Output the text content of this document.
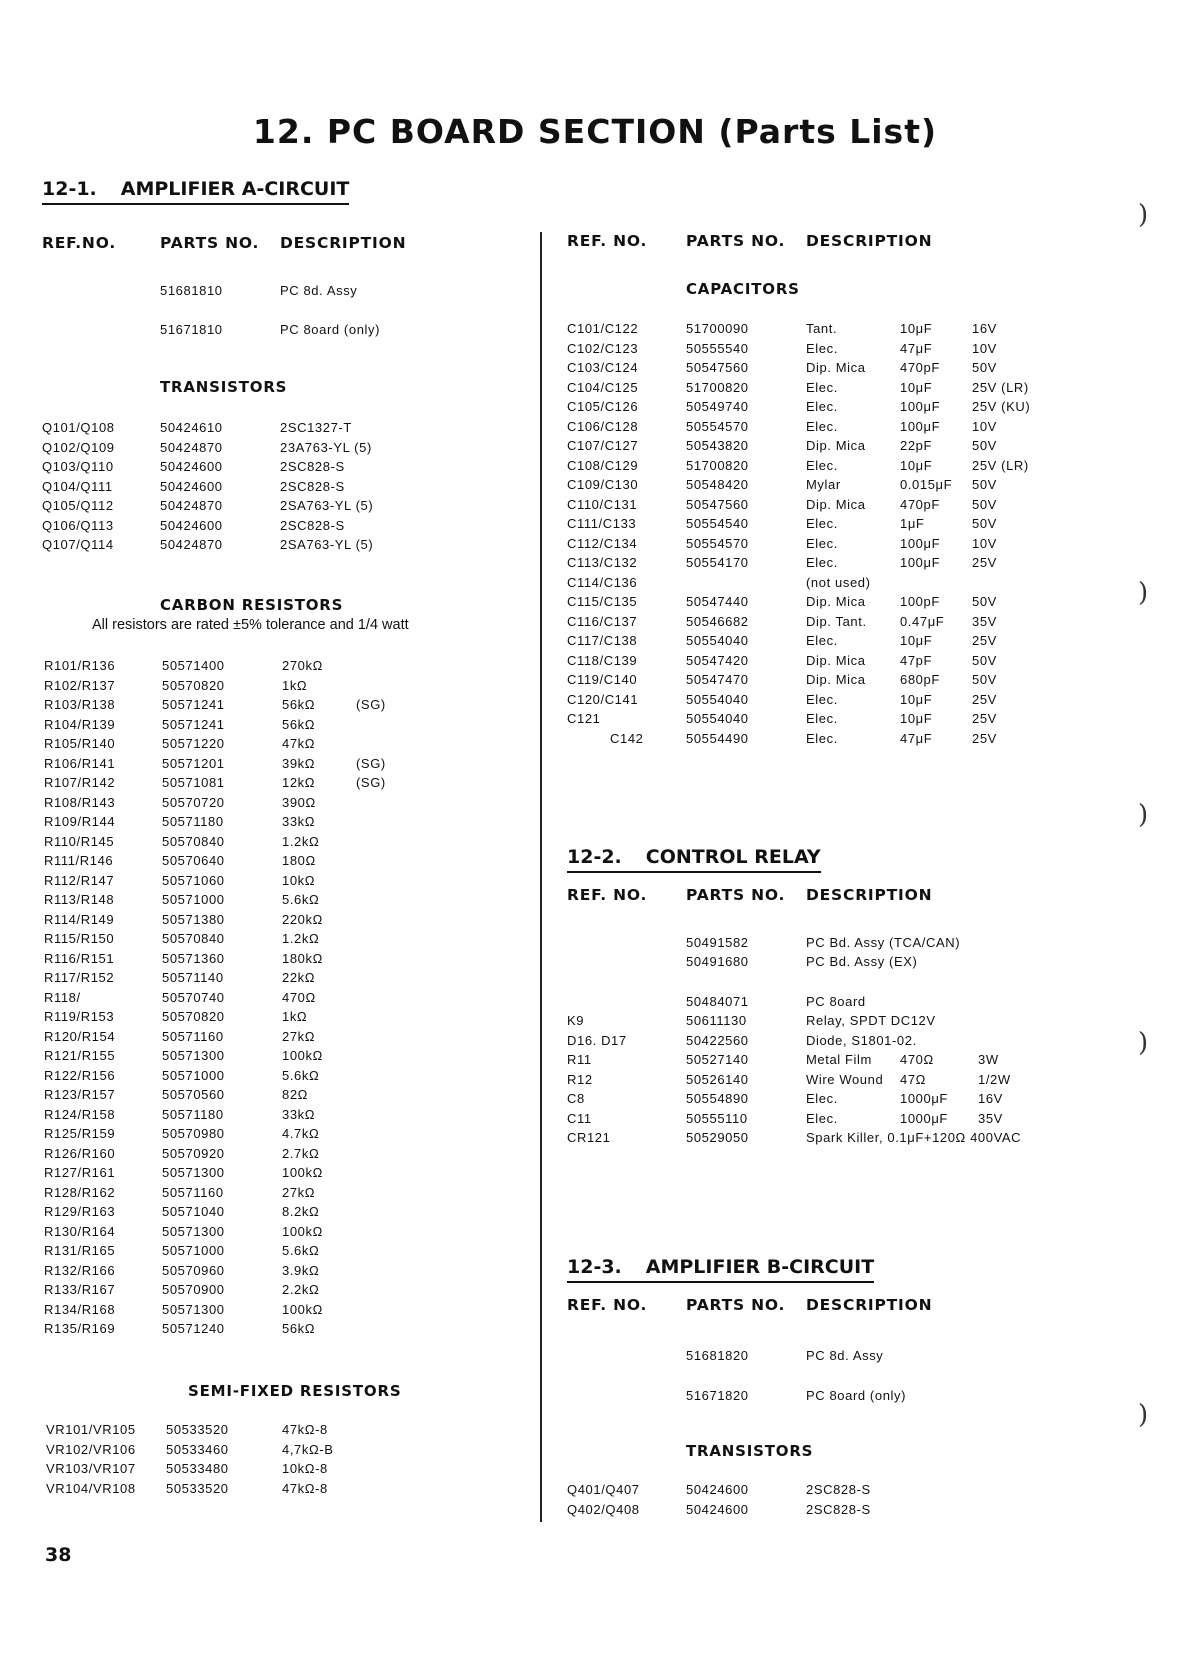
12. PC BOARD SECTION (Parts List)
12-1. AMPLIFIER A-CIRCUIT
REF.NO.	PARTS NO. DESCRIPTION
51681810	PC 8d. Assy
51671810	PC 8oard (only)
TRANSISTORS
Q101/Q108	50424610	2SC1327-T
Q102/Q109	50424870	23A763-YL (5)
Q103/Q110	50424600	2SC828-S
Q104/Q111	50424600	2SC828-S
Q105/Q112	50424870	2SA763-YL (5)
Q106/Q113	50424600	2SC828-S
Q107/Q114	50424870	2SA763-YL (5)
CARBON RESISTORS
All resistors are rated ±5% tolerance and 1/4 watt
R101/R136	50571400	270kΩ
R102/R137	50570820	1kΩ
R103/R138	50571241	56kΩ	(SG)
R104/R139	50571241	56kΩ
R105/R140	50571220	47kΩ
R106/R141	50571201	39kΩ	(SG)
R107/R142	50571081	12kΩ	(SG)
R108/R143	50570720	390Ω
R109/R144	50571180	33kΩ
R110/R145	50570840	1.2kΩ
R111/R146	50570640	180Ω
R112/R147	50571060	10kΩ
R113/R148	50571000	5.6kΩ
R114/R149	50571380	220kΩ
R115/R150	50570840	1.2kΩ
R116/R151	50571360	180kΩ
R117/R152	50571140	22kΩ
R118/	50570740	470Ω
R119/R153	50570820	1kΩ
R120/R154	50571160	27kΩ
R121/R155	50571300	100kΩ
R122/R156	50571000	5.6kΩ
R123/R157	50570560	82Ω
R124/R158	50571180	33kΩ
R125/R159	50570980	4.7kΩ
R126/R160	50570920	2.7kΩ
R127/R161	50571300	100kΩ
R128/R162	50571160	27kΩ
R129/R163	50571040	8.2kΩ
R130/R164	50571300	100kΩ
R131/R165	50571000	5.6kΩ
R132/R166	50570960	3.9kΩ
R133/R167	50570900	2.2kΩ
R134/R168	50571300	100kΩ
R135/R169	50571240	56kΩ
SEMI-FIXED RESISTORS
VR101/VR105 50533520	47kΩ-8
VR102/VR106 50533460	4,7kΩ-B
VR103/VR107 50533480	10kΩ-8
VR104/VR108 50533520	47kΩ-8
REF. NO.	PARTS NO. DESCRIPTION
CAPACITORS
C101/C122	51700090	Tant.	10μF	16V
C102/C123	50555540	Elec.	47μF	10V
C103/C124	50547560	Dip. Mica	470pF 50V
C104/C125	51700820	Elec.	10μF	25V (LR)
C105/C126	50549740	Elec.	100μF 25V (KU)
C106/C128	50554570	Elec.	100μF 10V
C107/C127	50543820	Dip. Mica	22pF	50V
C108/C129	51700820	Elec.	10μF	25V (LR)
C109/C130	50548420	Mylar	0.015μF 50V
C110/C131	50547560	Dip. Mica	470pF 50V
C111/C133	50554540	Elec.	1μF	50V
C112/C134	50554570	Elec.	100μF 10V
C113/C132	50554170	Elec.	100μF 25V
C114/C136	(not used)
C115/C135	50547440	Dip. Mica	100pF 50V
C116/C137	50546682	Dip. Tant.	0.47μF 35V
C117/C138	50554040	Elec.	10μF	25V
C118/C139	50547420	Dip. Mica	47pF	50V
C119/C140	50547470	Dip. Mica	680pF 50V
C120/C141	50554040	Elec.	10μF	25V
C121	50554040	Elec.	10μF	25V
C142	50554490	Elec.	47μF	25V
12-2. CONTROL RELAY
REF. NO.	PARTS NO. DESCRIPTION
50491582	PC Bd. Assy (TCA/CAN)
50491680	PC Bd. Assy (EX)
50484071	PC 8oard
K9	50611130	Relay, SPDT DC12V
D16. D17	50422560	Diode, S1801-02.
R11	50527140	Metal Film 470Ω	3W
R12	50526140	Wire Wound 47Ω	1/2W
C8	50554890	Elec.	1000μF 16V
C11	50555110	Elec.	1000μF 35V
CR121	50529050	Spark Killer, 0.1μF+120Ω 400VAC
12-3. AMPLIFIER B-CIRCUIT
REF. NO.	PARTS NO. DESCRIPTION
51681820	PC 8d. Assy
51671820	PC 8oard (only)
TRANSISTORS
Q401/Q407	50424600	2SC828-S
Q402/Q408	50424600	2SC828-S
38
)
)
)
)
)
